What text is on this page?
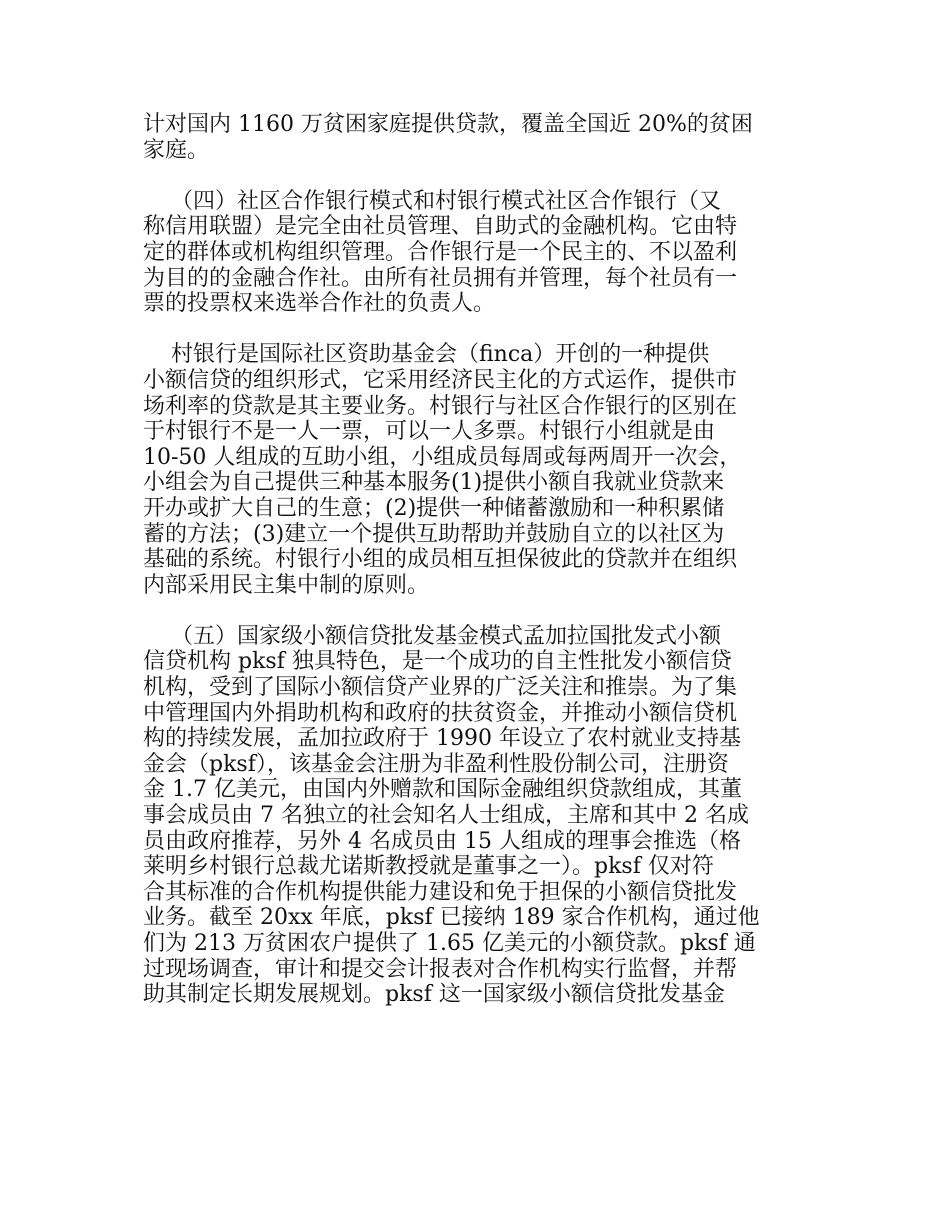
计对国内 1160 万贫困家庭提供贷款，覆盖全国近 20%的贫困
家庭。
（四）社区合作银行模式和村银行模式社区合作银行（又
称信用联盟）是完全由社员管理、自助式的金融机构。它由特
定的群体或机构组织管理。合作银行是一个民主的、不以盈利
为目的的金融合作社。由所有社员拥有并管理，每个社员有一
票的投票权来选举合作社的负责人。
村银行是国际社区资助基金会（finca）开创的一种提供
小额信贷的组织形式，它采用经济民主化的方式运作，提供市
场利率的贷款是其主要业务。村银行与社区合作银行的区别在
于村银行不是一人一票，可以一人多票。村银行小组就是由
10-50 人组成的互助小组，小组成员每周或每两周开一次会，
小组会为自己提供三种基本服务(1)提供小额自我就业贷款来
开办或扩大自己的生意；(2)提供一种储蓄激励和一种积累储
蓄的方法；(3)建立一个提供互助帮助并鼓励自立的以社区为
基础的系统。村银行小组的成员相互担保彼此的贷款并在组织
内部采用民主集中制的原则。
（五）国家级小额信贷批发基金模式孟加拉国批发式小额
信贷机构 pksf 独具特色，是一个成功的自主性批发小额信贷
机构，受到了国际小额信贷产业界的广泛关注和推崇。为了集
中管理国内外捐助机构和政府的扶贫资金，并推动小额信贷机
构的持续发展，孟加拉政府于 1990 年设立了农村就业支持基
金会（pksf），该基金会注册为非盈利性股份制公司，注册资
金 1.7 亿美元，由国内外赠款和国际金融组织贷款组成，其董
事会成员由 7 名独立的社会知名人士组成，主席和其中 2 名成
员由政府推荐，另外 4 名成员由 15 人组成的理事会推选（格
莱明乡村银行总裁尤诺斯教授就是董事之一）。pksf 仅对符
合其标准的合作机构提供能力建设和免于担保的小额信贷批发
业务。截至 20xx 年底，pksf 已接纳 189 家合作机构，通过他
们为 213 万贫困农户提供了 1.65 亿美元的小额贷款。pksf 通
过现场调查，审计和提交会计报表对合作机构实行监督，并帮
助其制定长期发展规划。pksf 这一国家级小额信贷批发基金
